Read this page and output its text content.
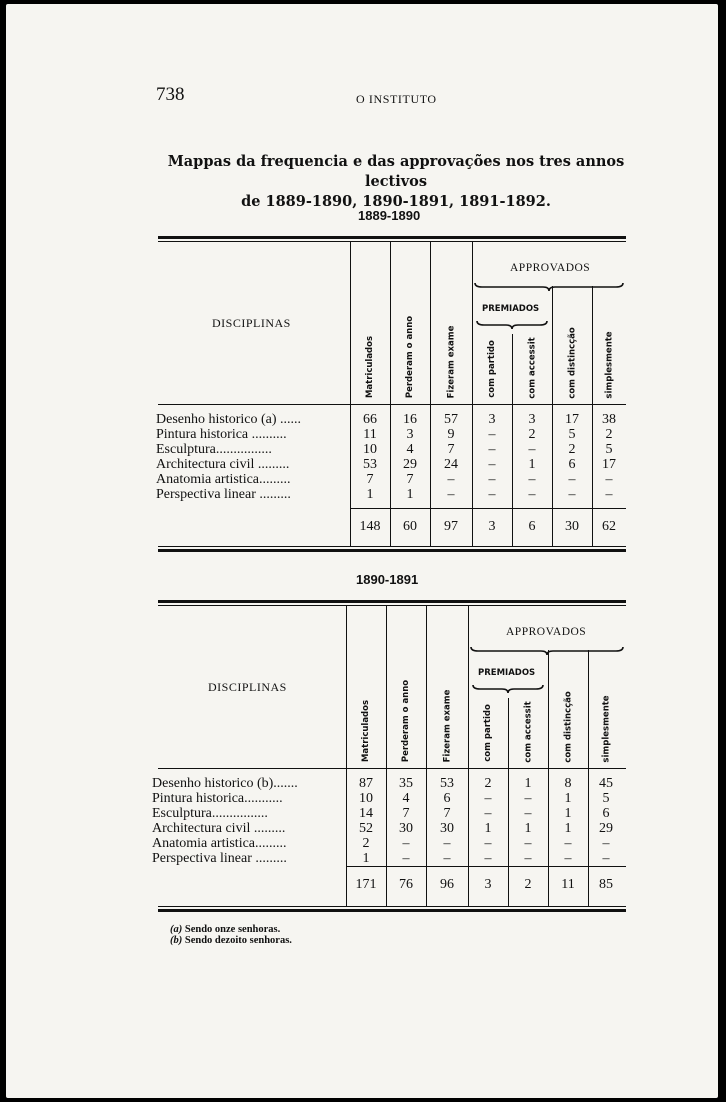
738	O INSTITUTO
Mappas da frequencia e das approvações nos tres annos lectivos
de 1889-1890, 1890-1891, 1891-1892.
(a) Sendo onze senhoras.
(b) Sendo dezoito senhoras.
1889-1890
DISCIPLINAS
APPROVADOS
PREMIADOS
Matriculados	Perderam o anno	Fizeram exame	com partido	com accessit	com distincção	simplesmente
Desenho historico (a) ......	66	16	57	3	3	17	38
Pintura historica ..........	11	3	9	–	2	5	2
Esculptura................	10	4	7	–	–	2	5
Architectura civil .........	53	29	24	–	1	6	17
Anatomia artistica.........	7	7	–	–	–	–	–
Perspectiva linear .........	1	1	–	–	–	–	–
148	60	97	3	6	30	62
1890-1891
DISCIPLINAS
APPROVADOS
PREMIADOS
Matriculados	Perderam o anno	Fizeram exame	com partido	com accessit	com distincção	simplesmente
Desenho historico (b).......	87	35	53	2	1	8	45
Pintura historica...........	10	4	6	–	–	1	5
Esculptura................	14	7	7	–	–	1	6
Architectura civil .........	52	30	30	1	1	1	29
Anatomia artistica.........	2	–	–	–	–	–	–
Perspectiva linear .........	1	–	–	–	–	–	–
171	76	96	3	2	11	85
